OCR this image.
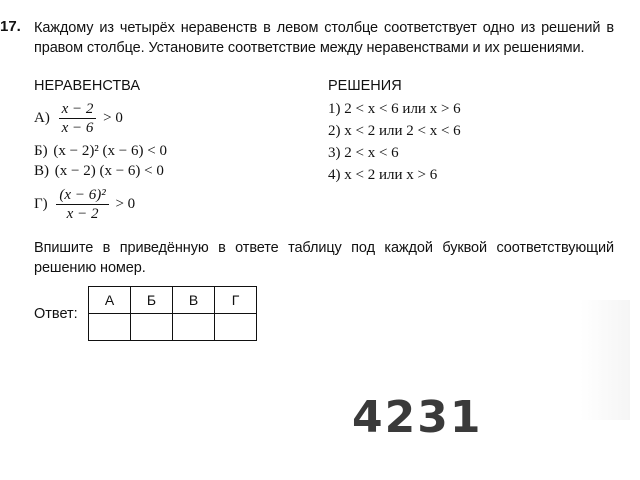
17. Каждому из четырёх неравенств в левом столбце соответствует одно из решений в правом столбце. Установите соответствие между неравенствами и их решениями.
НЕРАВЕНСТВА
$А) \frac{x - 2}{x - 6} > 0$
Б) (x − 2)² (x − 6) < 0
В) (x − 2) (x − 6) < 0
$Г) \frac{\text{(x − 6)²}}{x - 2} > 0$
РЕШЕНИЯ
1) 2 < x < 6 или x > 6
2) x < 2 или 2 < x < 6
3) 2 < x < 6
4) x < 2 или x > 6
Впишите в приведённую в ответе таблицу под каждой буквой соответствующий решению номер.
Ответ:
А	Б	В	Г

4231
